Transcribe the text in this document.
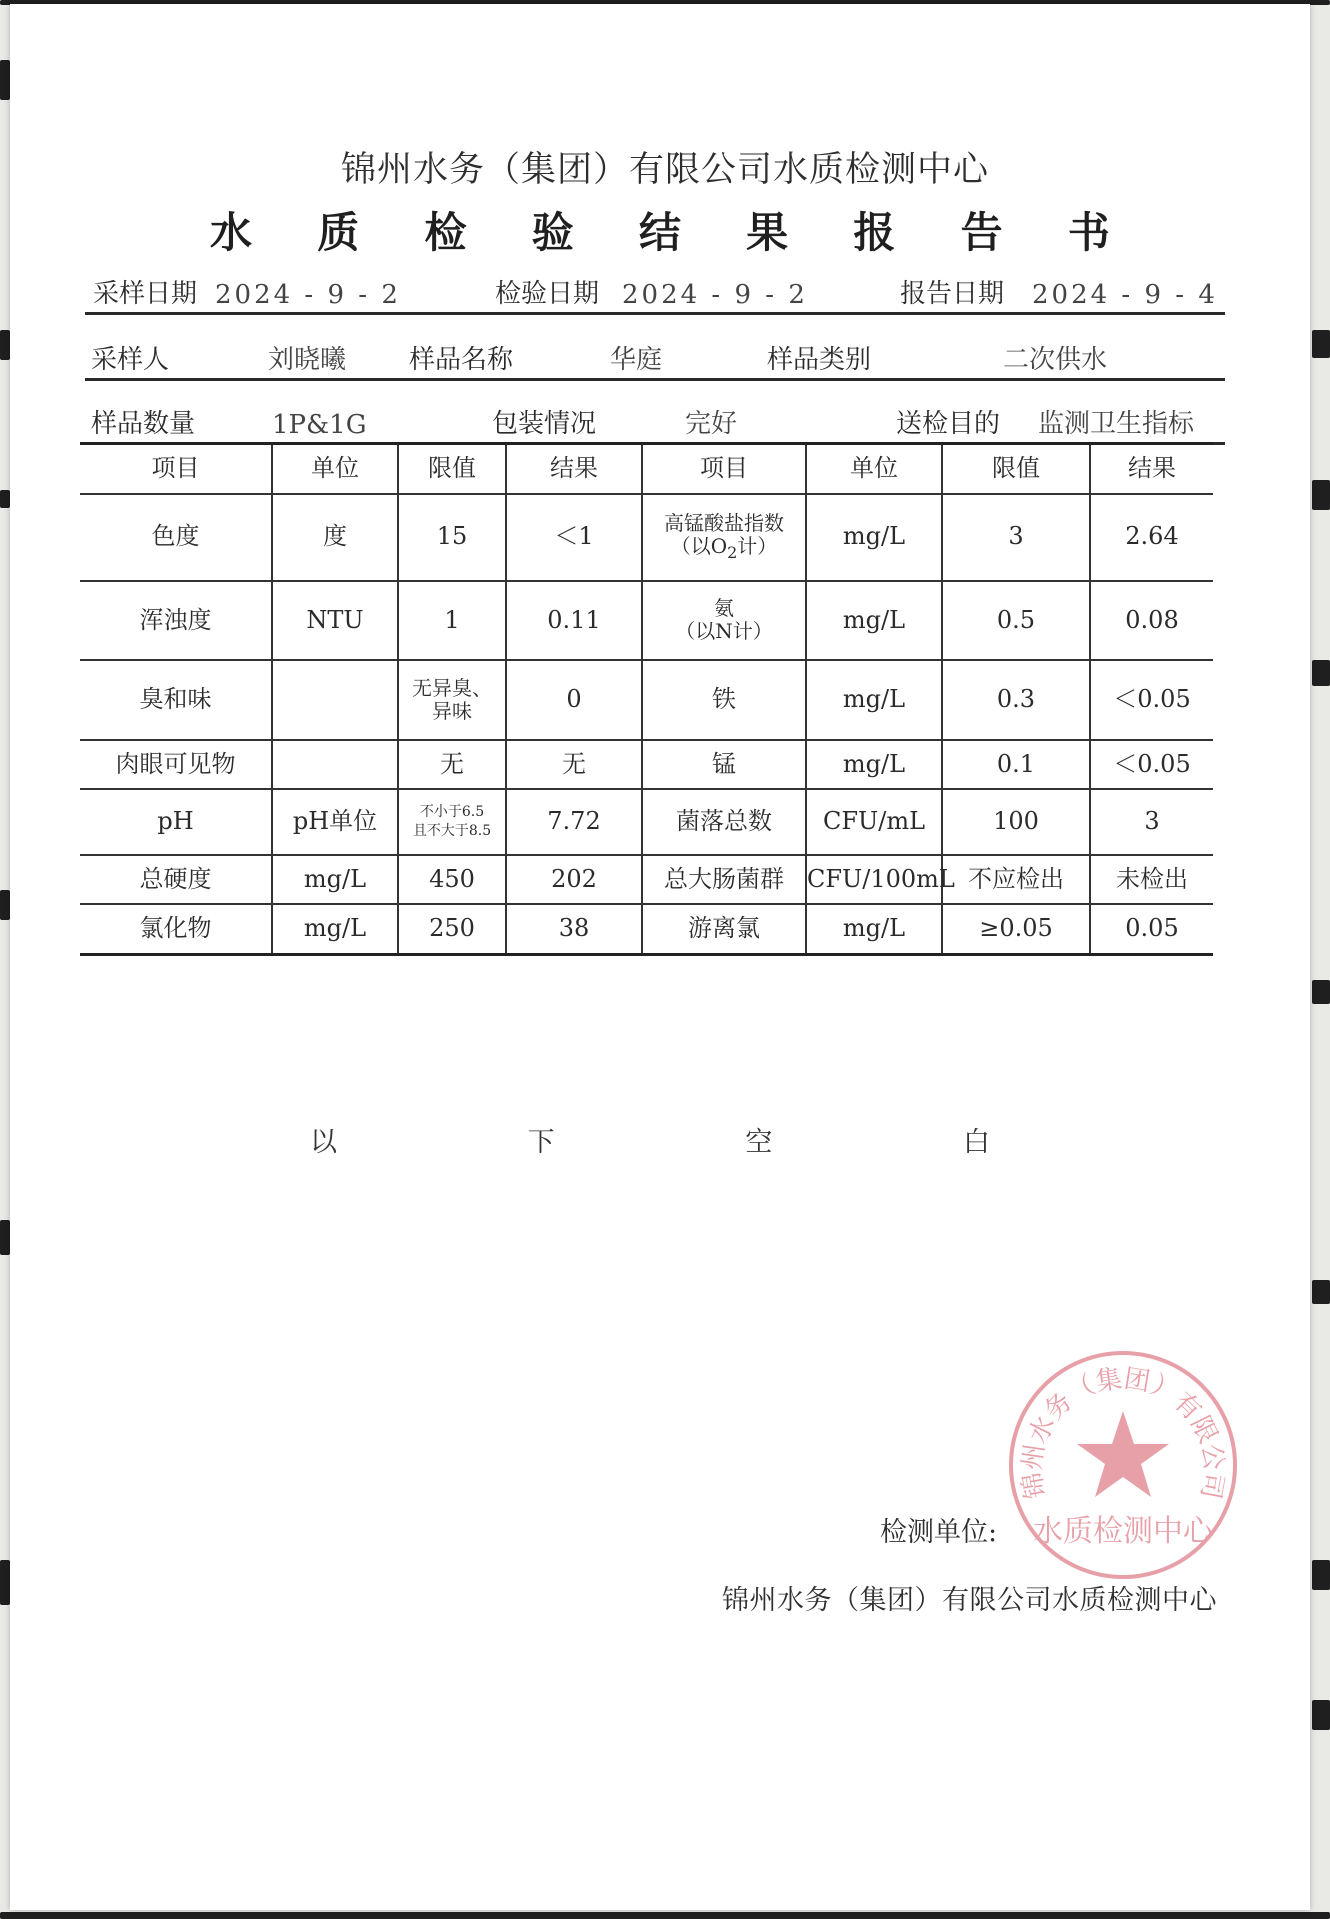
锦州水务（集团）有限公司水质检测中心
水 质 检 验 结 果 报 告 书
采样日期 2024 - 9 - 2	检验日期 2024 - 9 - 2	报告日期 2024 - 9 - 4
采样人	刘晓曦 样品名称	华庭	样品类别	二次供水
样品数量	1P&1G	包装情况	完好	送检目的 监测卫生指标
项目	单位	限值	结果	项目	单位	限值	结果
色度	度	15	＜1	高锰酸盐指数
（以$O_2$计）	mg/L	3	2.64
浑浊度	NTU	1	0.11	氨
（以N计）	mg/L	0.5	0.08
臭和味		无异臭、
异味	0	铁	mg/L	0.3	＜0.05
肉眼可见物		无	无	锰	mg/L	0.1	＜0.05
pH	pH单位	不小于6.5
且不大于8.5	7.72	菌落总数	CFU/mL	100	3
总硬度	mg/L	450	202	总大肠菌群	CFU/100mL	不应检出	未检出
氯化物	mg/L	250	38	游离氯	mg/L	≥0.05	0.05
以	下	空	白
锦州水务（集团）有限公司
水质检测中心
检测单位:
锦州水务（集团）有限公司水质检测中心
